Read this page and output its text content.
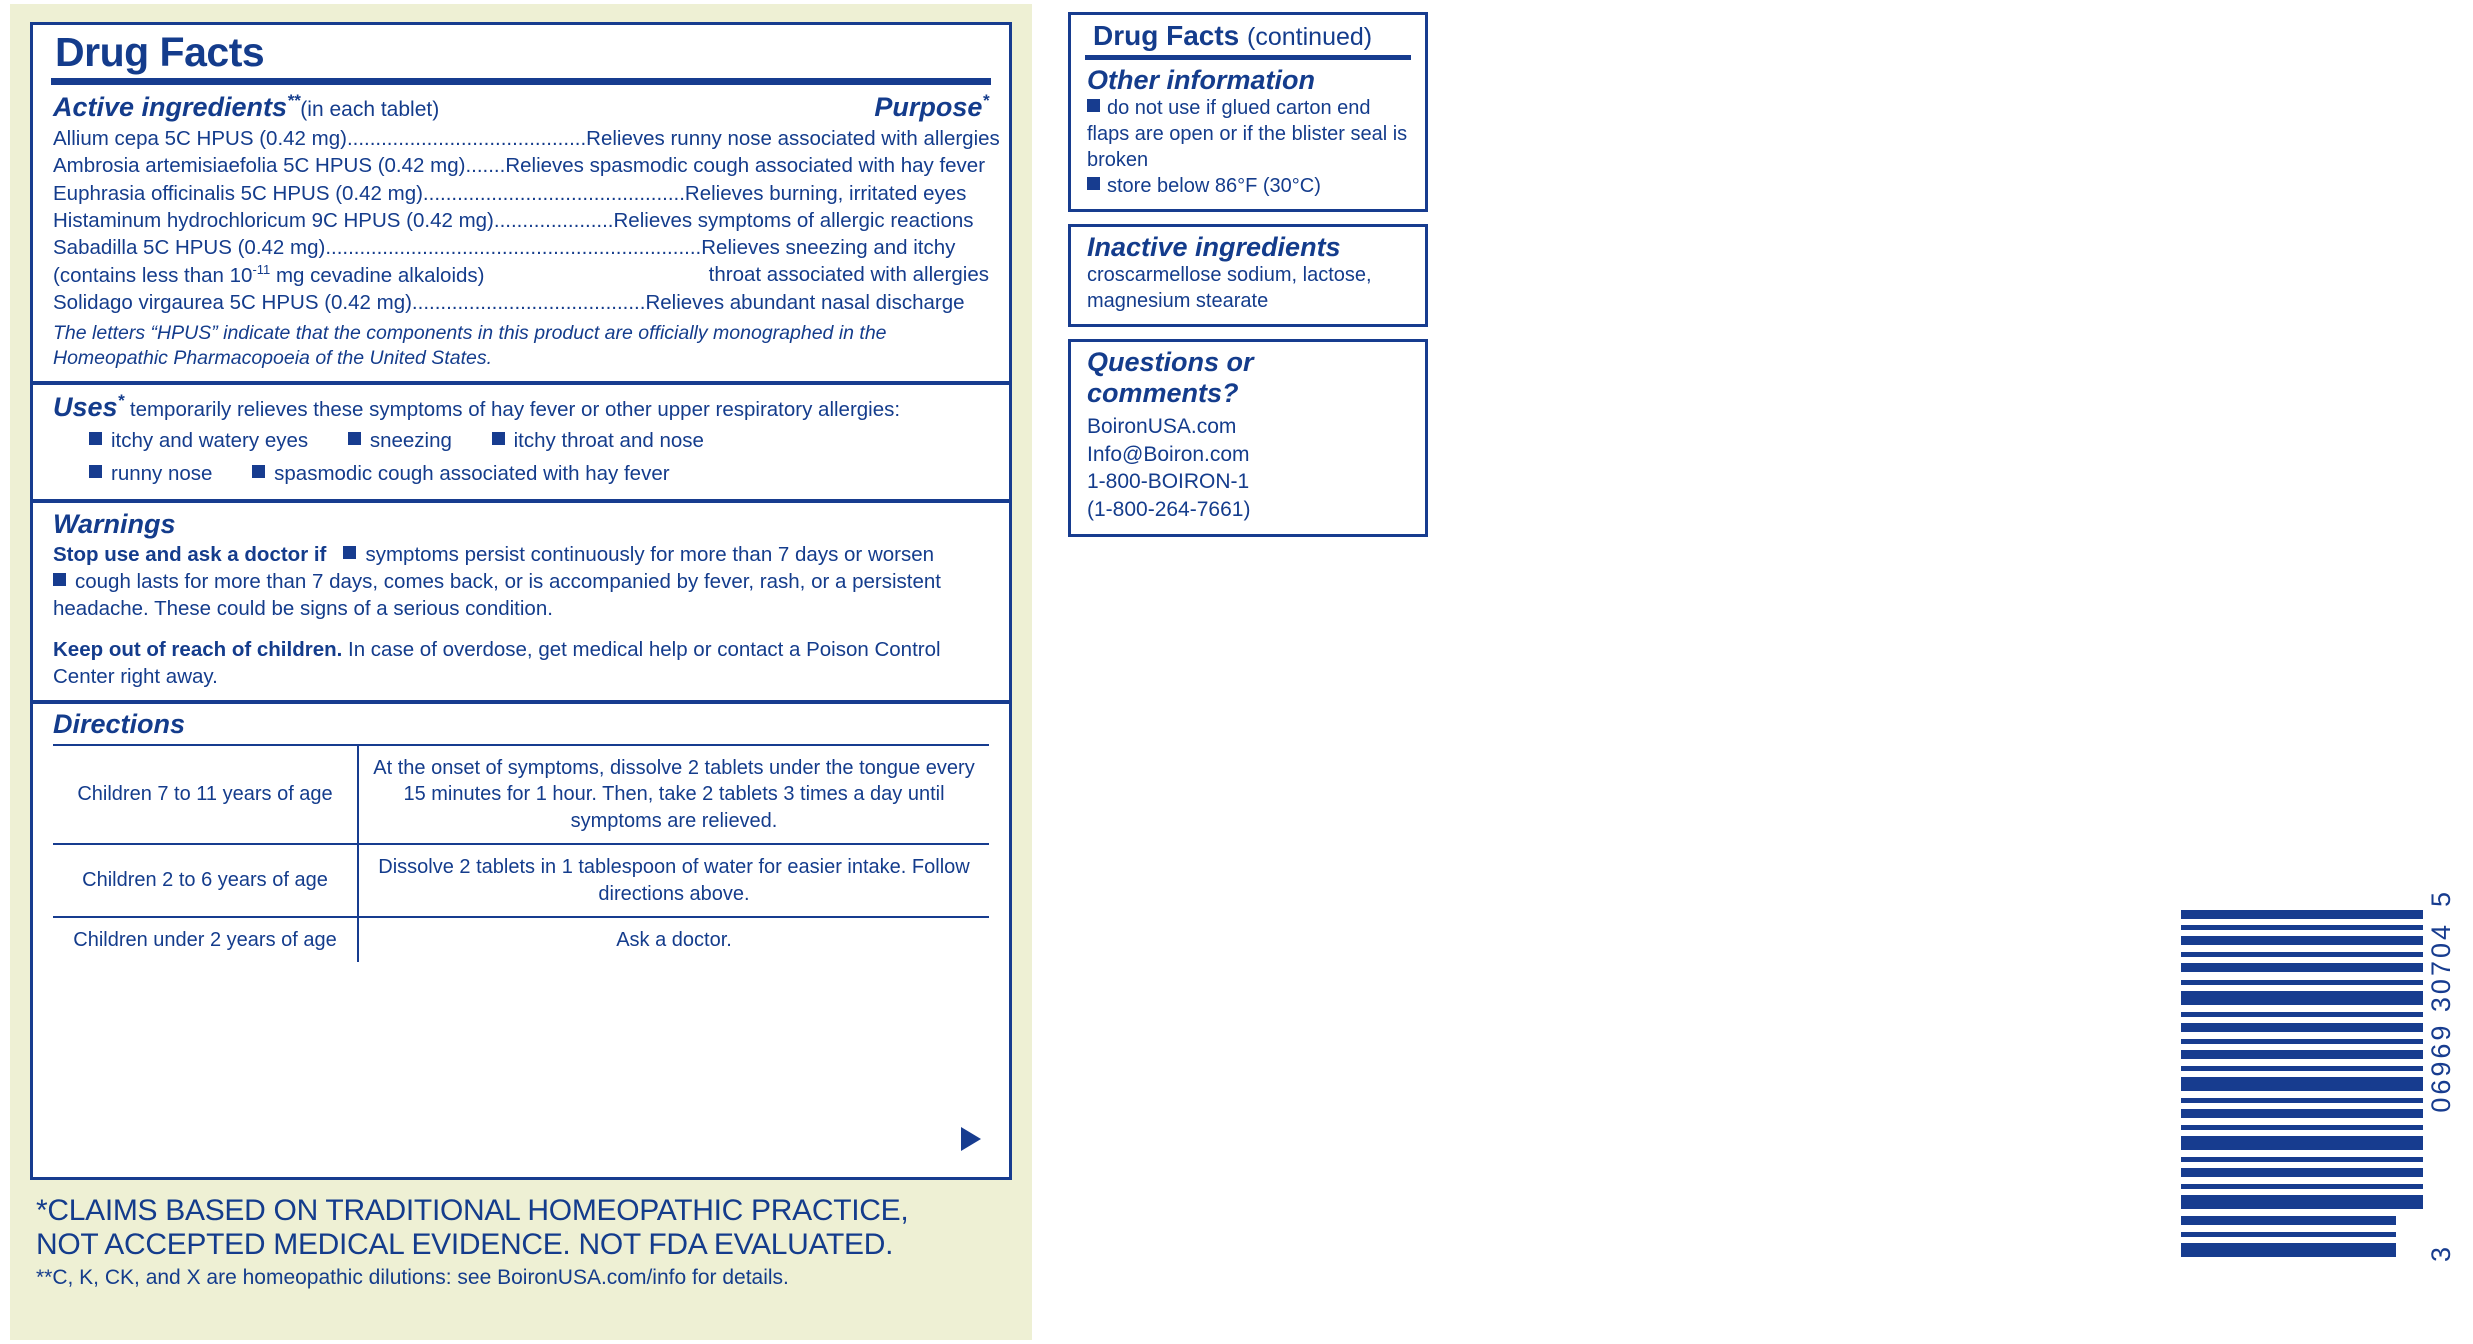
Drug Facts
Active ingredients**(in each tablet)	Purpose*
Allium cepa 5C HPUS (0.42 mg)..........................................Relieves runny nose associated with allergies
Ambrosia artemisiaefolia 5C HPUS (0.42 mg).......Relieves spasmodic cough associated with hay fever
Euphrasia officinalis 5C HPUS (0.42 mg)..............................................Relieves burning, irritated eyes
Histaminum hydrochloricum 9C HPUS (0.42 mg).....................Relieves symptoms of allergic reactions
Sabadilla 5C HPUS (0.42 mg)..................................................................Relieves sneezing and itchy
(contains less than $10^{-11}$ mg cevadine alkaloids)	throat associated with allergies
Solidago virgaurea 5C HPUS (0.42 mg).........................................Relieves abundant nasal discharge
The letters “HPUS” indicate that the components in this product are officially monographed in the Homeopathic Pharmacopoeia of the United States.
Uses* temporarily relieves these symptoms of hay fever or other upper respiratory allergies:
itchy and watery eyes	sneezing	itchy throat and nose
runny nose	spasmodic cough associated with hay fever
Warnings
Stop use and ask a doctor if symptoms persist continuously for more than 7 days or worsen
cough lasts for more than 7 days, comes back, or is accompanied by fever, rash, or a persistent headache. These could be signs of a serious condition.
Keep out of reach of children. In case of overdose, get medical help or contact a Poison Control Center right away.
Directions
Children 7 to 11 years of age	At the onset of symptoms, dissolve 2 tablets under the tongue every 15 minutes for 1 hour. Then, take 2 tablets 3 times a day until symptoms are relieved.
Children 2 to 6 years of age	Dissolve 2 tablets in 1 tablespoon of water for easier intake. Follow directions above.
Children under 2 years of age	Ask a doctor.
*CLAIMS BASED ON TRADITIONAL HOMEOPATHIC PRACTICE,
NOT ACCEPTED MEDICAL EVIDENCE. NOT FDA EVALUATED.
**C, K, CK, and X are homeopathic dilutions: see BoironUSA.com/info for details.
Drug Facts (continued)
Other information
do not use if glued carton end flaps are open or if the blister seal is broken
store below 86°F (30°C)
Inactive ingredients
croscarmellose sodium, lactose, magnesium stearate
Questions or
comments?
BoironUSA.com
Info@Boiron.com
1-800-BOIRON-1
(1-800-264-7661)
5
06969 30704
3
